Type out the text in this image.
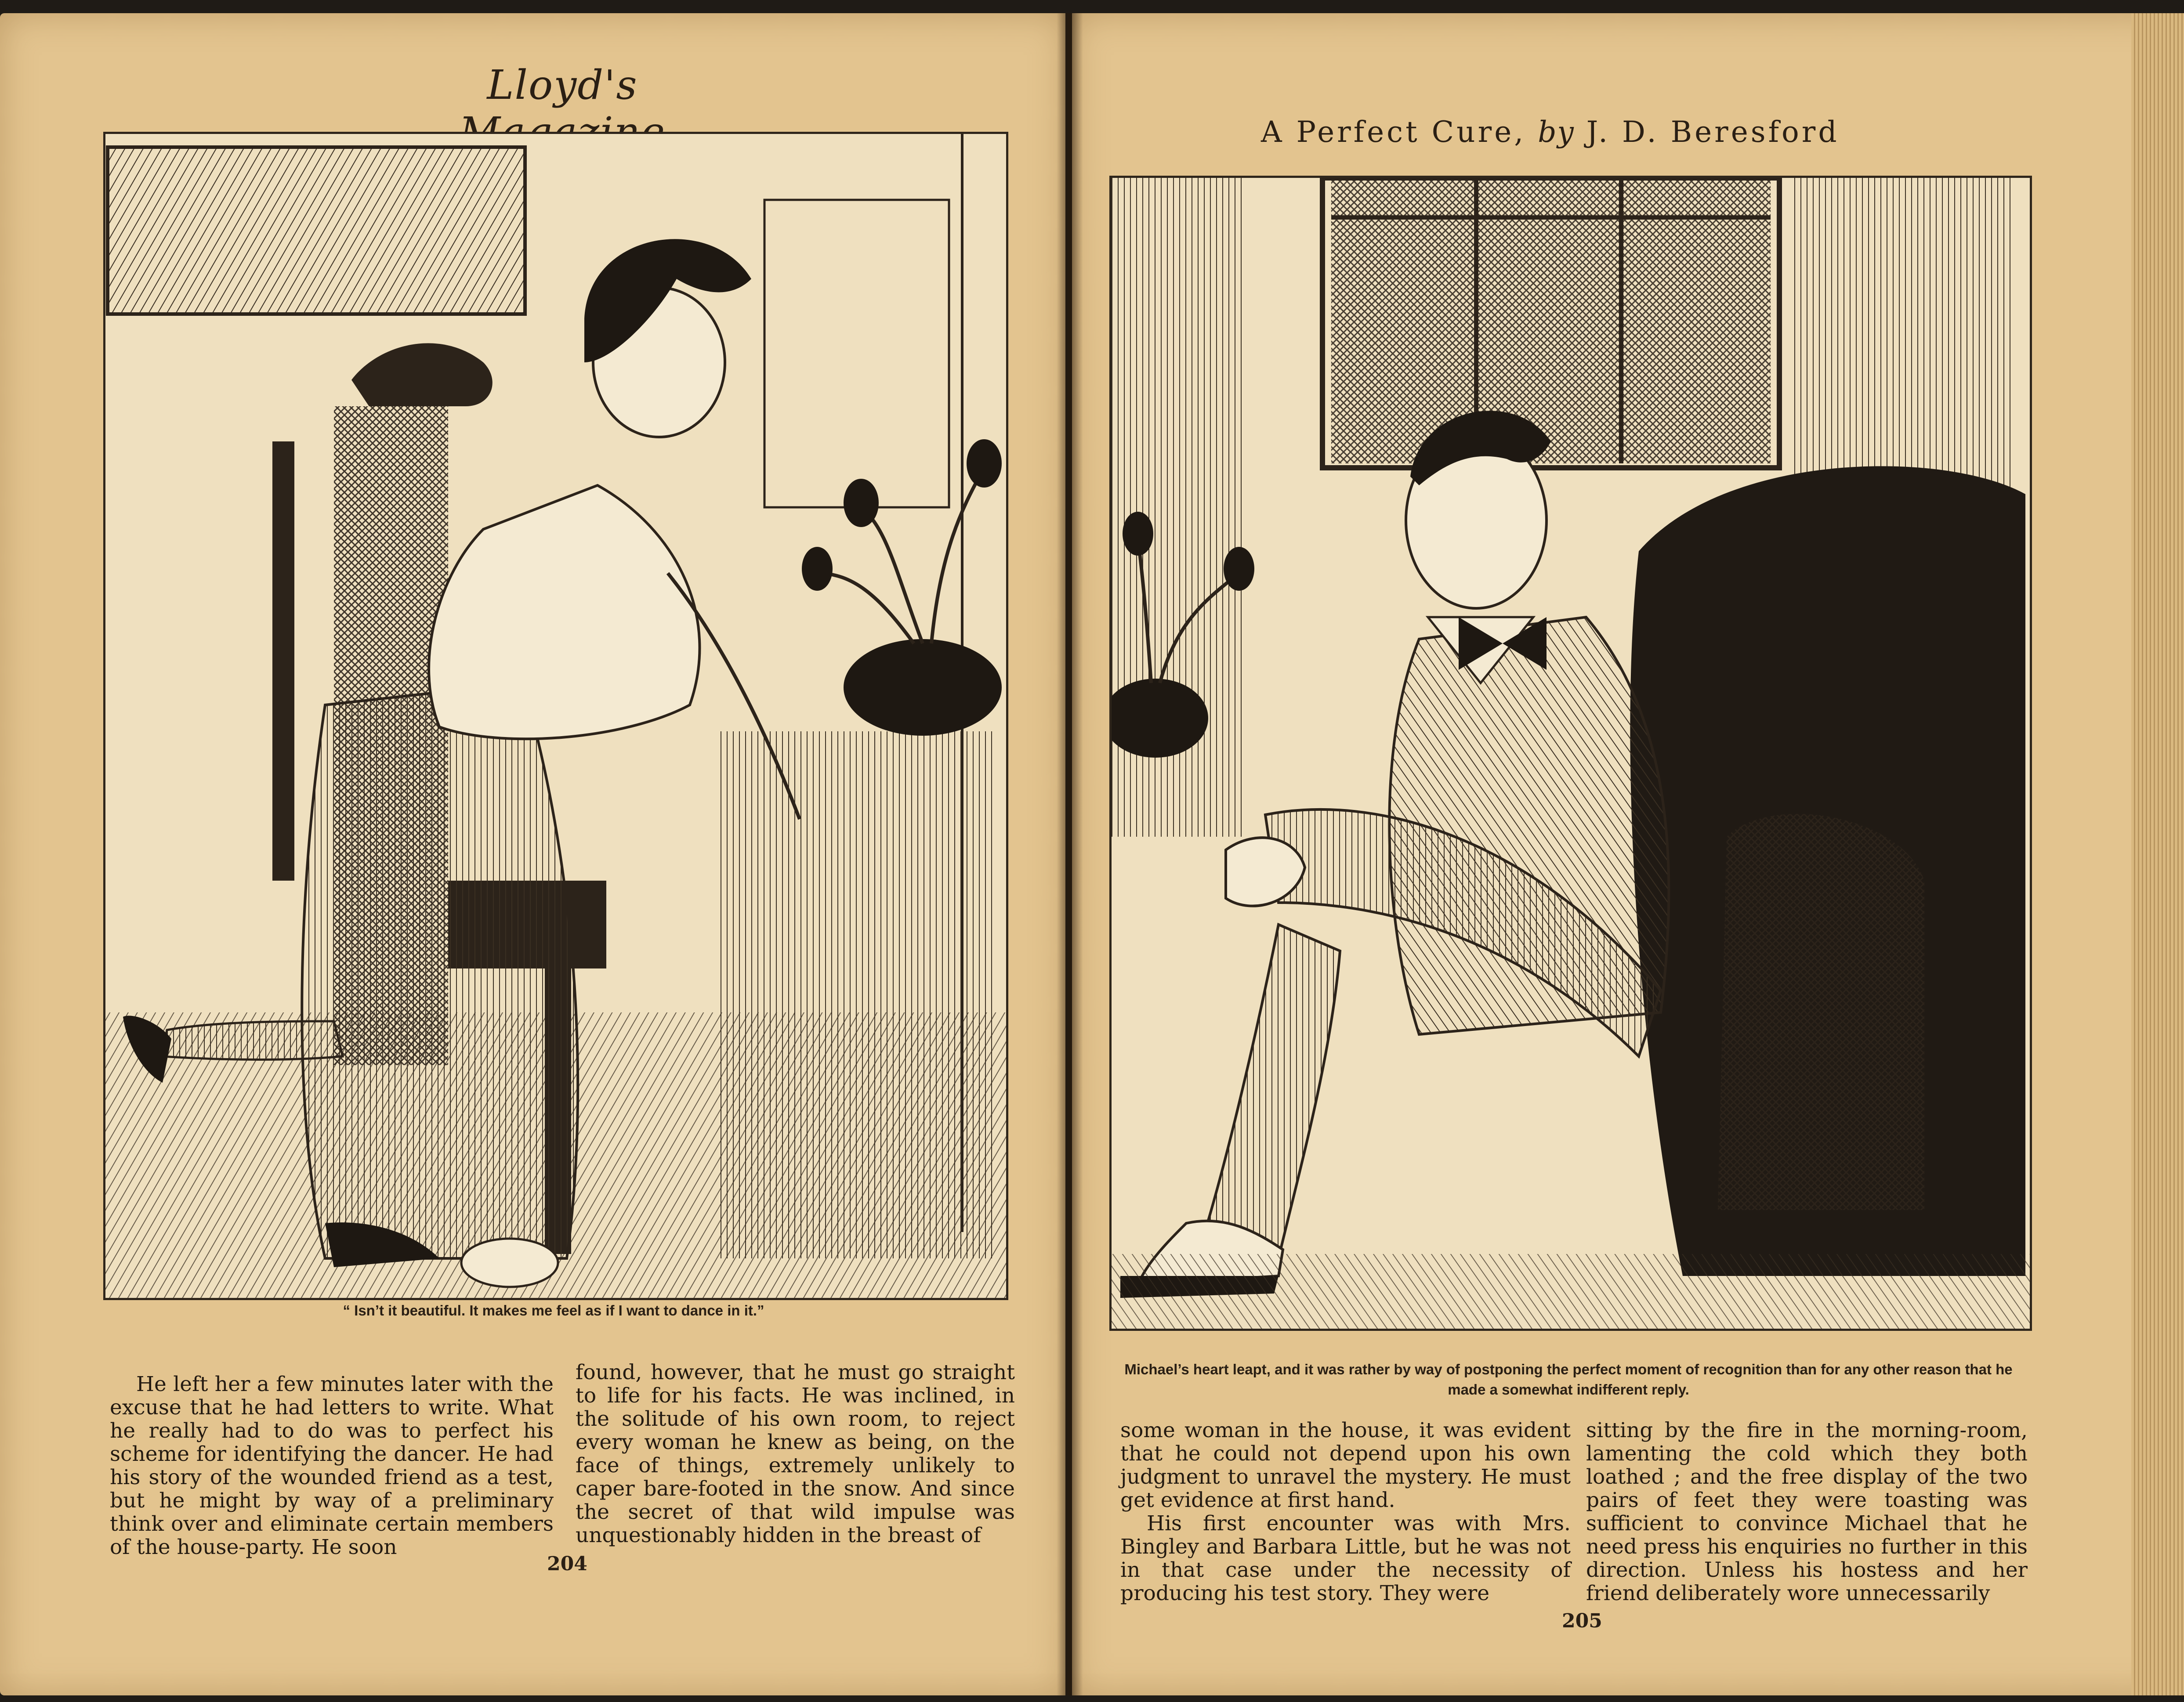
Lloyd's
“ Isn’t it beautiful. It makes me feel as if I want to dance in it.”

He left her a few minutes later with the excuse that he had letters to write. What he really had to do was to perfect his scheme for identifying the dancer. He had his story of the wounded friend as a test, but he might by way of a preliminary think over and eliminate certain members of the house-party. He soon

found, however, that he must go straight to life for his facts. He was inclined, in the solitude of his own room, to reject every woman he knew as being, on the face of things, extremely unlikely to caper bare-footed in the snow. And since the secret of that wild impulse was unquestionably hidden in the breast of

204
A Perfect Cure, by J. D. Beresford
Michael’s heart leapt, and it was rather by way of postponing the perfect moment of recognition than for any other reason that he made a somewhat indifferent reply.

some woman in the house, it was evident that he could not depend upon his own judgment to unravel the mystery. He must get evidence at first hand.

His first encounter was with Mrs. Bingley and Barbara Little, but he was not in that case under the necessity of producing his test story. They were

sitting by the fire in the morning-room, lamenting the cold which they both loathed ; and the free display of the two pairs of feet they were toasting was sufficient to convince Michael that he need press his enquiries no further in this direction. Unless his hostess and her friend deliberately wore unnecessarily

205
